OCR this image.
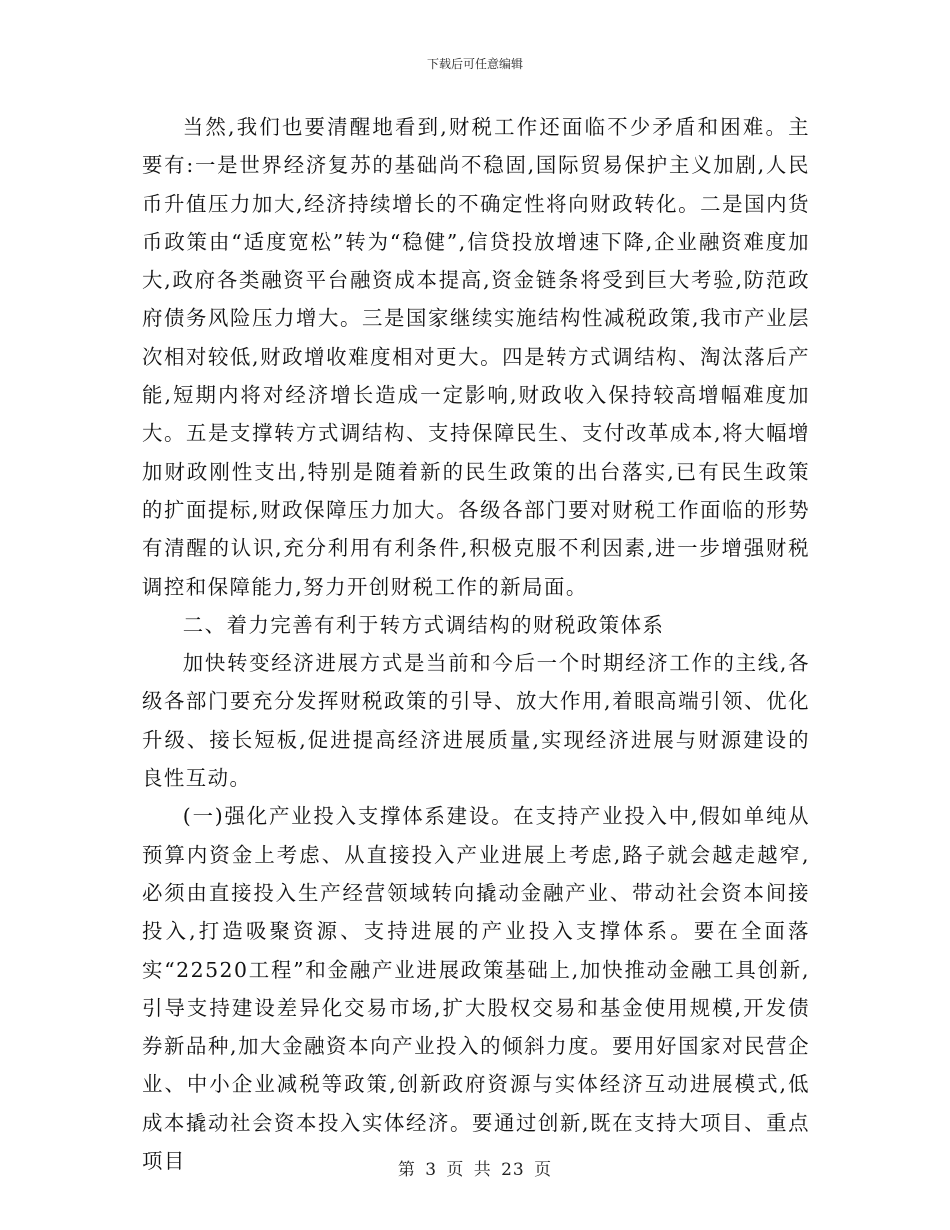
下载后可任意编辑

当然,我们也要清醒地看到,财税工作还面临不少矛盾和困难。主要有:一是世界经济复苏的基础尚不稳固,国际贸易保护主义加剧,人民币升值压力加大,经济持续增长的不确定性将向财政转化。二是国内货币政策由“适度宽松”转为“稳健”,信贷投放增速下降,企业融资难度加大,政府各类融资平台融资成本提高,资金链条将受到巨大考验,防范政府债务风险压力增大。三是国家继续实施结构性减税政策,我市产业层次相对较低,财政增收难度相对更大。四是转方式调结构、淘汰落后产能,短期内将对经济增长造成一定影响,财政收入保持较高增幅难度加大。五是支撑转方式调结构、支持保障民生、支付改革成本,将大幅增加财政刚性支出,特别是随着新的民生政策的出台落实,已有民生政策的扩面提标,财政保障压力加大。各级各部门要对财税工作面临的形势有清醒的认识,充分利用有利条件,积极克服不利因素,进一步增强财税调控和保障能力,努力开创财税工作的新局面。

二、着力完善有利于转方式调结构的财税政策体系

加快转变经济进展方式是当前和今后一个时期经济工作的主线,各级各部门要充分发挥财税政策的引导、放大作用,着眼高端引领、优化升级、接长短板,促进提高经济进展质量,实现经济进展与财源建设的良性互动。

(一)强化产业投入支撑体系建设。在支持产业投入中,假如单纯从预算内资金上考虑、从直接投入产业进展上考虑,路子就会越走越窄,必须由直接投入生产经营领域转向撬动金融产业、带动社会资本间接投入,打造吸聚资源、支持进展的产业投入支撑体系。要在全面落实“22520工程”和金融产业进展政策基础上,加快推动金融工具创新,引导支持建设差异化交易市场,扩大股权交易和基金使用规模,开发债券新品种,加大金融资本向产业投入的倾斜力度。要用好国家对民营企业、中小企业减税等政策,创新政府资源与实体经济互动进展模式,低成本撬动社会资本投入实体经济。要通过创新,既在支持大项目、重点项目	第 3 页 共 23 页
